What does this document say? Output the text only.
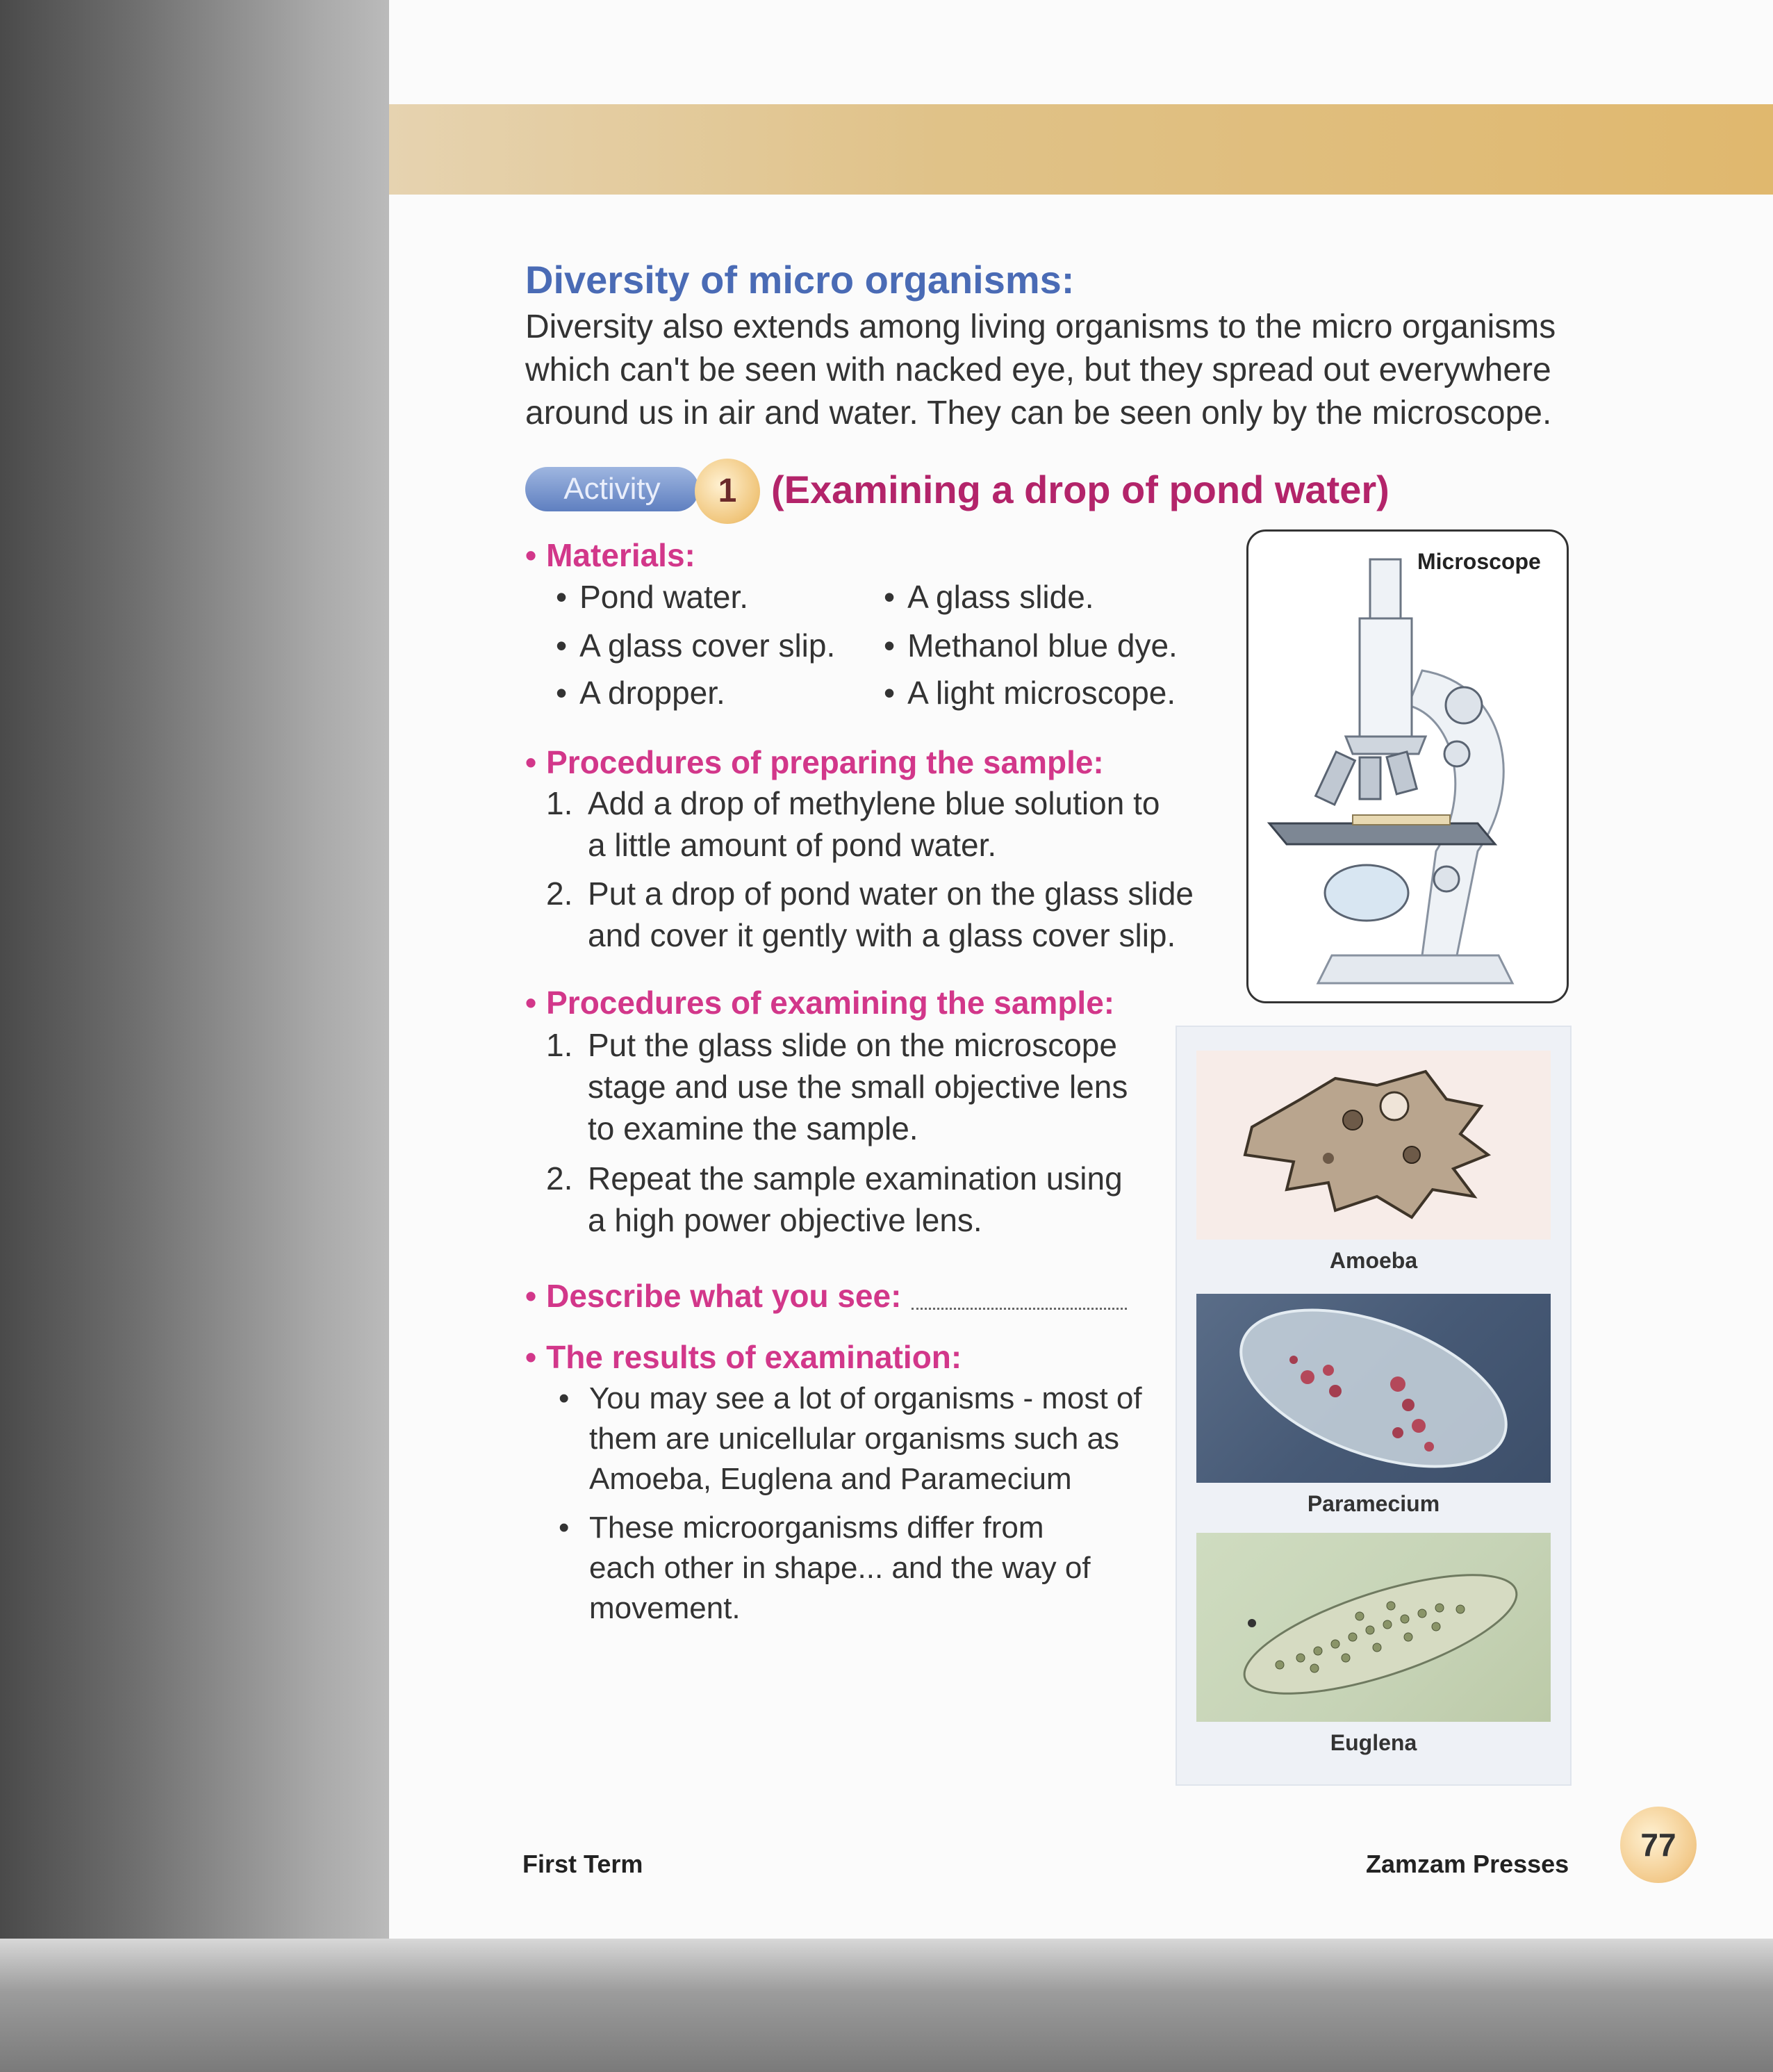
Diversity of micro organisms:
Diversity also extends among living organisms to the micro organisms which can't be seen with nacked eye, but they spread out everywhere around us in air and water. They can be seen only by the microscope.
Activity	1 (Examining a drop of pond water)
• Materials:
• Pond water.
• A glass cover slip.
• A dropper.
• A glass slide.
• Methanol blue dye.
• A light microscope.
• Procedures of preparing the sample:
1. Add a drop of methylene blue solution to
a little amount of pond water.
2. Put a drop of pond water on the glass slide
and cover it gently with a glass cover slip.
• Procedures of examining the sample:
1. Put the glass slide on the microscope
stage and use the small objective lens
to examine the sample.
2. Repeat the sample examination using
a high power objective lens.
• Describe what you see:
• The results of examination:
• You may see a lot of organisms - most of
them are unicellular organisms such as
Amoeba, Euglena and Paramecium
• These microorganisms differ from
each other in shape... and the way of
movement.
Microscope
Amoeba
Paramecium
Euglena
First Term	Zamzam Presses
77
